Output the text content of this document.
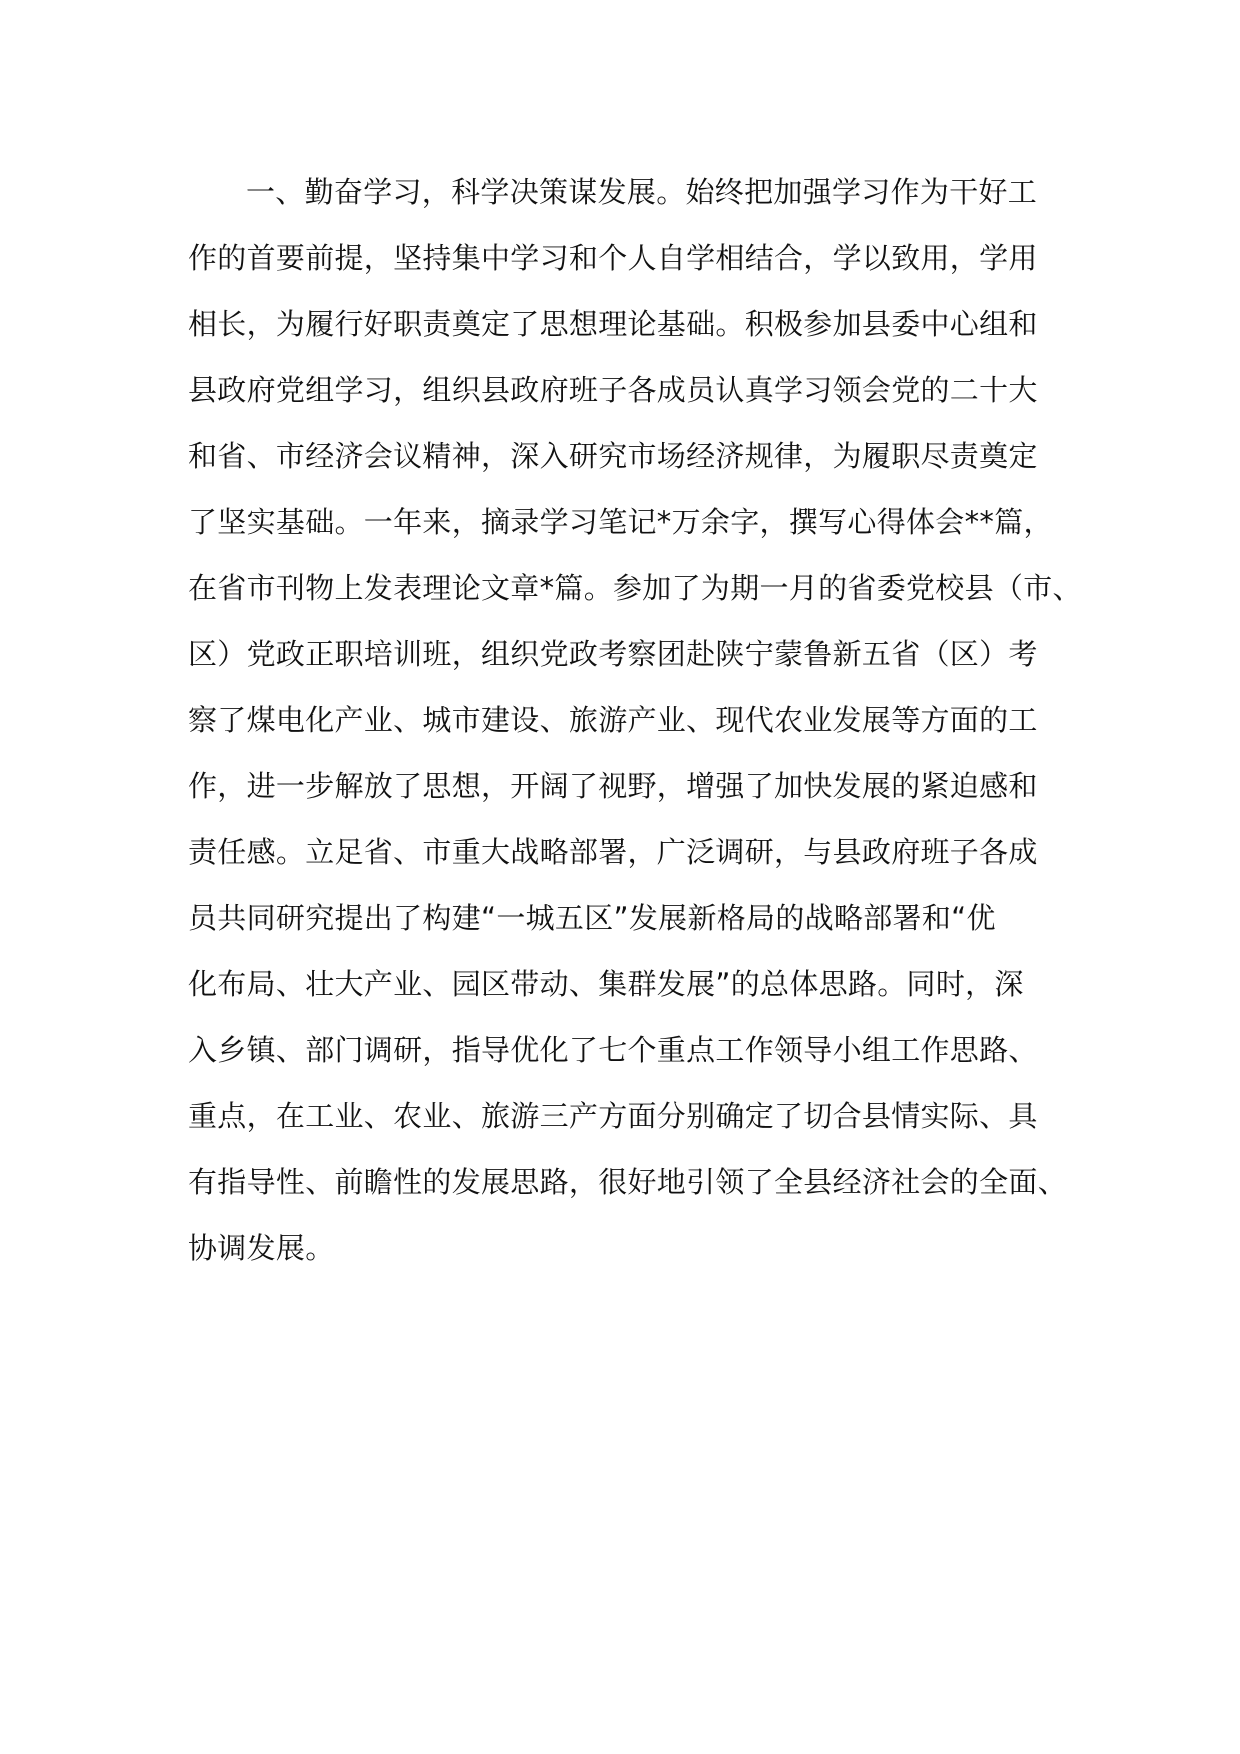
一、勤奋学习，科学决策谋发展。始终把加强学习作为干好工
作的首要前提，坚持集中学习和个人自学相结合，学以致用，学用
相长，为履行好职责奠定了思想理论基础。积极参加县委中心组和
县政府党组学习，组织县政府班子各成员认真学习领会党的二十大
和省、市经济会议精神，深入研究市场经济规律，为履职尽责奠定
了坚实基础。一年来，摘录学习笔记*万余字，撰写心得体会**篇，
在省市刊物上发表理论文章*篇。参加了为期一月的省委党校县（市、
区）党政正职培训班，组织党政考察团赴陕宁蒙鲁新五省（区）考
察了煤电化产业、城市建设、旅游产业、现代农业发展等方面的工
作，进一步解放了思想，开阔了视野，增强了加快发展的紧迫感和
责任感。立足省、市重大战略部署，广泛调研，与县政府班子各成
员共同研究提出了构建“一城五区”发展新格局的战略部署和“优
化布局、壮大产业、园区带动、集群发展”的总体思路。同时，深
入乡镇、部门调研，指导优化了七个重点工作领导小组工作思路、
重点，在工业、农业、旅游三产方面分别确定了切合县情实际、具
有指导性、前瞻性的发展思路，很好地引领了全县经济社会的全面、
协调发展。
